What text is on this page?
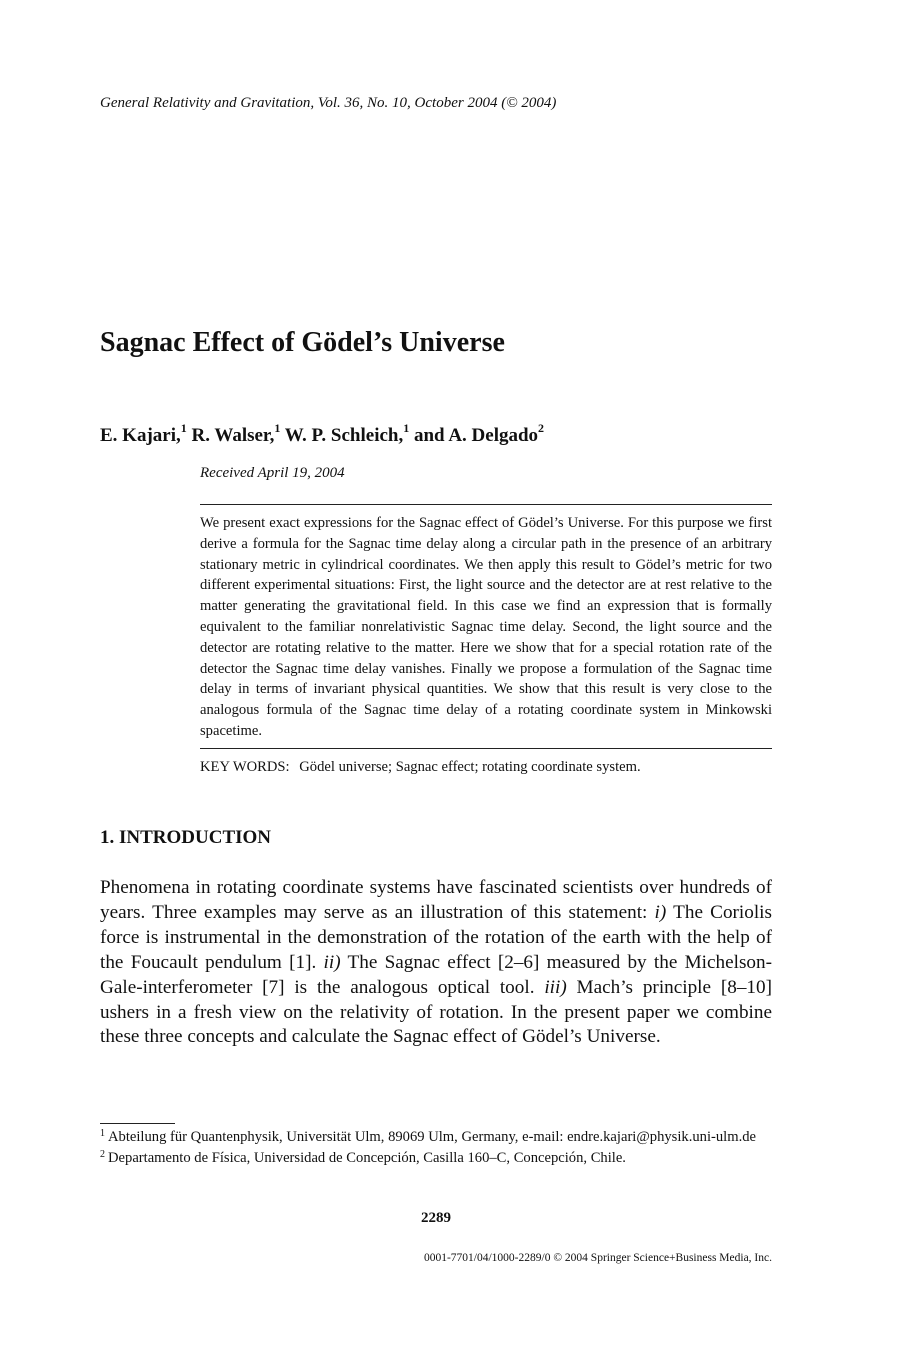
General Relativity and Gravitation, Vol. 36, No. 10, October 2004 (© 2004)
Sagnac Effect of Gödel’s Universe
E. Kajari,$^1$ R. Walser,$^1$ W. P. Schleich,$^1$ and A. Delgado$^2$
Received April 19, 2004
We present exact expressions for the Sagnac effect of Gödel’s Universe. For this purpose we first derive a formula for the Sagnac time delay along a circular path in the presence of an arbitrary stationary metric in cylindrical coordinates. We then apply this result to Gödel’s metric for two different experimental situations: First, the light source and the detector are at rest relative to the matter generating the gravitational field. In this case we find an expression that is formally equivalent to the familiar nonrelativistic Sagnac time delay. Second, the light source and the detector are rotating relative to the matter. Here we show that for a special rotation rate of the detector the Sagnac time delay vanishes. Finally we propose a formulation of the Sagnac time delay in terms of invariant physical quantities. We show that this result is very close to the analogous formula of the Sagnac time delay of a rotating coordinate system in Minkowski spacetime.
KEY WORDS: Gödel universe; Sagnac effect; rotating coordinate system.
1. INTRODUCTION
Phenomena in rotating coordinate systems have fascinated scientists over hundreds of years. Three examples may serve as an illustration of this statement: i) The Coriolis force is instrumental in the demonstration of the rotation of the earth with the help of the Foucault pendulum [1]. ii) The Sagnac effect [2–6] measured by the Michelson-Gale-interferometer [7] is the analogous optical tool. iii) Mach’s principle [8–10] ushers in a fresh view on the relativity of rotation. In the present paper we combine these three concepts and calculate the Sagnac effect of Gödel’s Universe.
1 Abteilung für Quantenphysik, Universität Ulm, 89069 Ulm, Germany, e-mail: endre.kajari@physik.uni-ulm.de
2 Departamento de Física, Universidad de Concepción, Casilla 160–C, Concepción, Chile.
2289
0001-7701/04/1000-2289/0 © 2004 Springer Science+Business Media, Inc.
